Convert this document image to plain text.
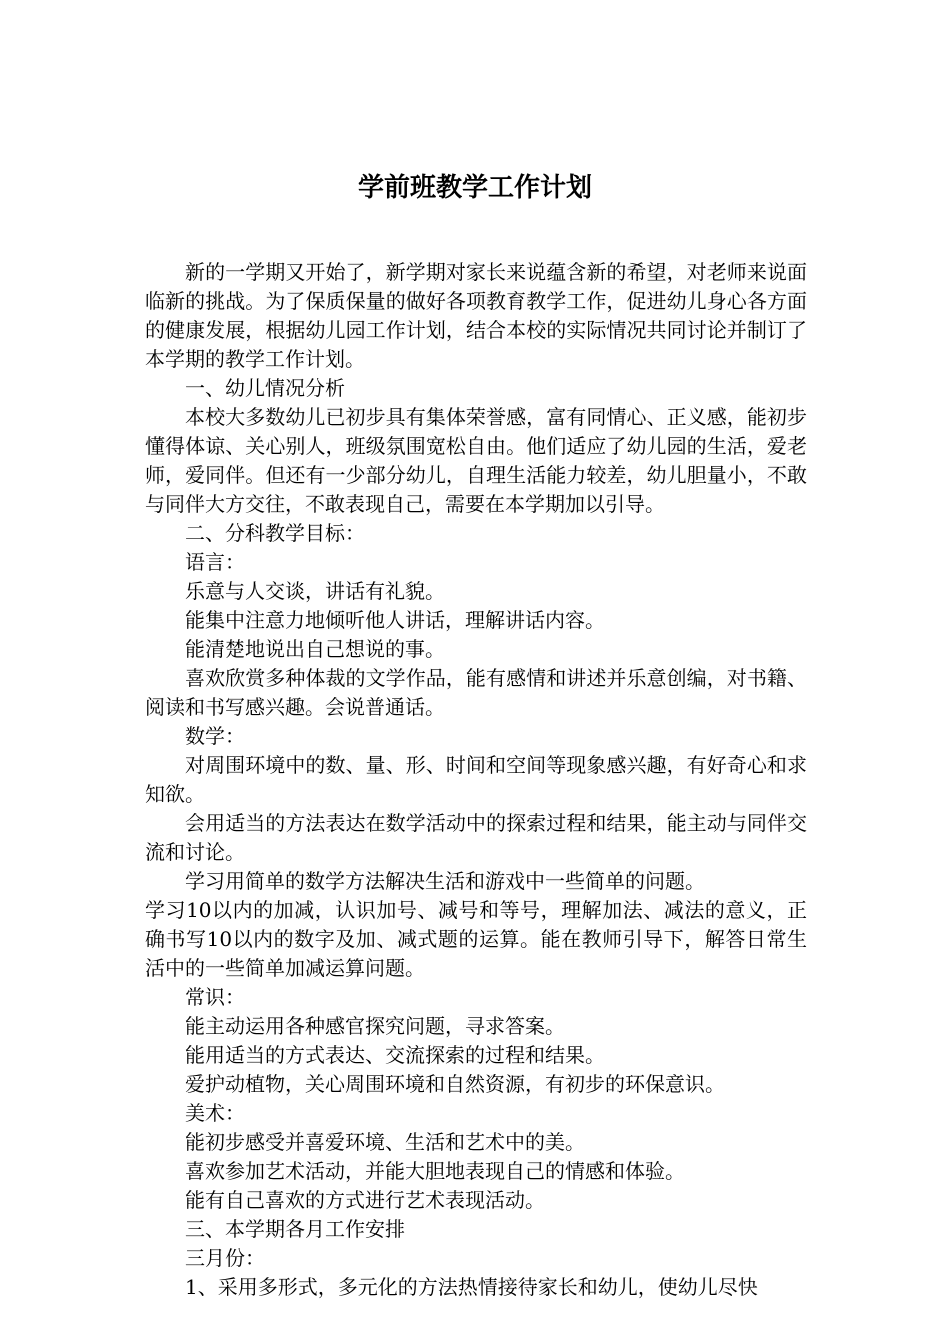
学前班教学工作计划

新的一学期又开始了，新学期对家长来说蕴含新的希望，对老师来说面临新的挑战。为了保质保量的做好各项教育教学工作，促进幼儿身心各方面的健康发展，根据幼儿园工作计划，结合本校的实际情况共同讨论并制订了本学期的教学工作计划。

一、幼儿情况分析

本校大多数幼儿已初步具有集体荣誉感，富有同情心、正义感，能初步懂得体谅、关心别人，班级氛围宽松自由。他们适应了幼儿园的生活，爱老师，爱同伴。但还有一少部分幼儿，自理生活能力较差，幼儿胆量小，不敢与同伴大方交往，不敢表现自己，需要在本学期加以引导。

二、分科教学目标：

语言：

乐意与人交谈，讲话有礼貌。

能集中注意力地倾听他人讲话，理解讲话内容。

能清楚地说出自己想说的事。

喜欢欣赏多种体裁的文学作品，能有感情和讲述并乐意创编，对书籍、阅读和书写感兴趣。会说普通话。

数学：

对周围环境中的数、量、形、时间和空间等现象感兴趣，有好奇心和求知欲。

会用适当的方法表达在数学活动中的探索过程和结果，能主动与同伴交流和讨论。

学习用简单的数学方法解决生活和游戏中一些简单的问题。

学习10以内的加减，认识加号、减号和等号，理解加法、减法的意义，正确书写10以内的数字及加、减式题的运算。能在教师引导下，解答日常生活中的一些简单加减运算问题。

常识：

能主动运用各种感官探究问题，寻求答案。

能用适当的方式表达、交流探索的过程和结果。

爱护动植物，关心周围环境和自然资源，有初步的环保意识。

美术：

能初步感受并喜爱环境、生活和艺术中的美。

喜欢参加艺术活动，并能大胆地表现自己的情感和体验。

能有自己喜欢的方式进行艺术表现活动。

三、本学期各月工作安排

三月份：

1、采用多形式，多元化的方法热情接待家长和幼儿，使幼儿尽快
